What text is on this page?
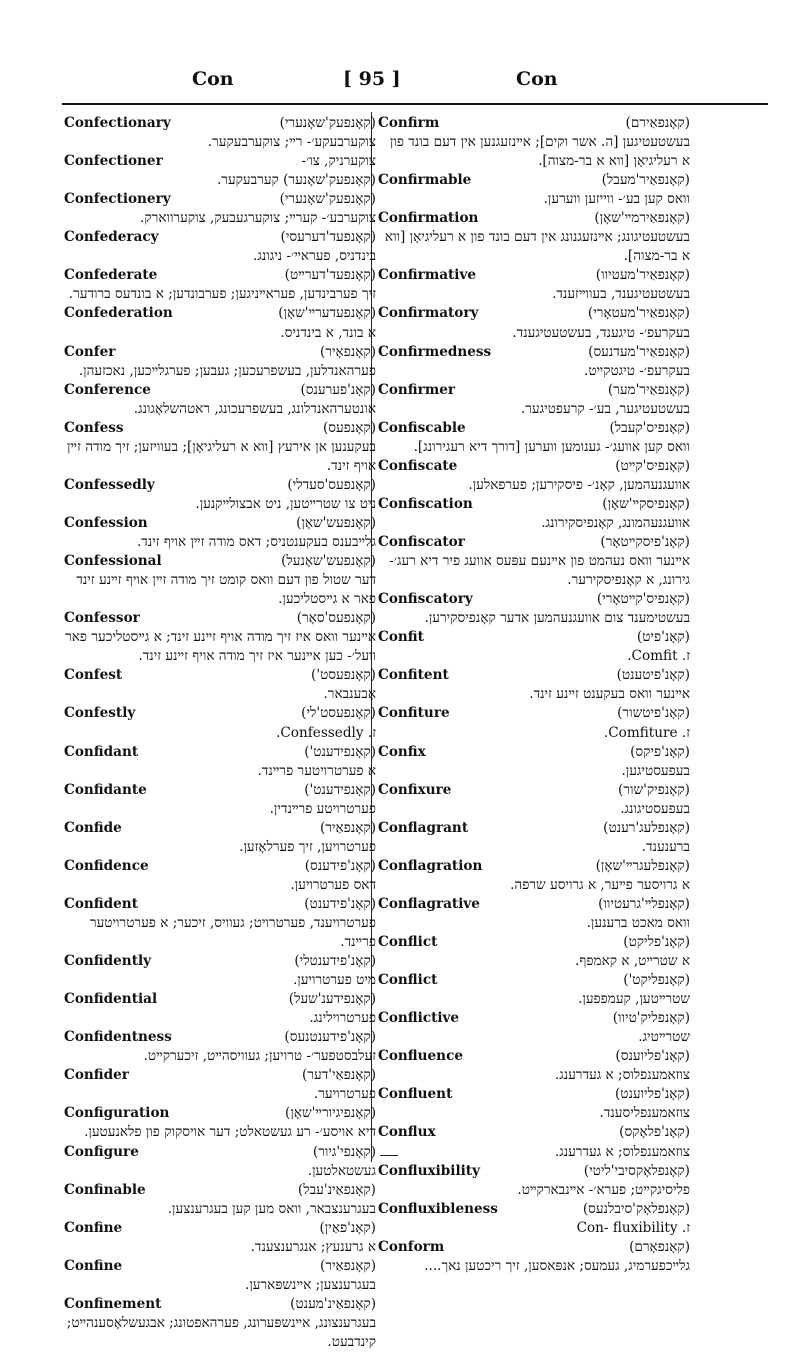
Con	[ 95 ]	Con
Confectionary	(קאָנפעק'שאָנערי)
צוקערבעקע׳- רײ; צוקערבעקער.
Confectioner	צוקערניק, צו׳-
(קאָנפעק'שאָנער) קערבעקער.
Confectionery	(קאָנפעק'שאָנערי)
צוקערבע׳- קערײ; צוקערגעבעק, צוקערווארק.
Confederacy	(קאָנפעד'דערעסי)
בינדניס, פעראײ׳- ניגונג.
Confederate	(קאָנפעד'דערײט)
זיך פערבינדען, פעראײניגען; פערבונדען; א בונדעס ברודער.
Confederation	(קאָנפעדערײ'שאָן)
א בונד, א בינדניס.
Confer	(קאָנפאָיר)
פערהאנדלען, בעשפרעכען; געבען; פערגלײכען, נאכזעהן.
Conference	(קאָנ'פערענס)
אונטערהאנדלונג, בעשפרעכונג, ראטהשלאָגונג.
Confess	(קאָנפעס)
בעקענען אן אירעץ [ווא א רעליגיאָן]; בעוויזען; זיך מודה זײן אויף זינד.
Confessedly	(קאָנפעס'סעדלי)
ניט צו שטרײטען, ניט אבצולײקנען.
Confession	(קאָנפעש'שאָן)
גלײבענס בעקענטניס; דאס מודה זײן אויף זינד.
Confessional	(קאָנפעש'שאָנעל)
דער שטול פון דעם וואס קומט זיך מודה זײן אויף זײנע זינד פאר א גײסטליכען.
Confessor	(קאָנפעס'סאָר)
אײנער וואס איז זיך מודה אויף זײנע זינד; א גײסטליכער פאר וועל׳- כען אײנער איז זיך מודה אויף זײנע זינד.
Confest	(קאָנפעסט')
אָבענבאר.
Confestly	(קאָנפעסט'לי)
ז. Confessedly.
Confidant	(קאָנפידענט')
א פערטרויטער פרײנד.
Confidante	(קאָנפידענט')
פערטרויטע פרײנדין.
Confide	(קאָנפאַיר)
פערטרויען, זיך פערלאָזען.
Confidence	(קאָנ'פידענס)
דאס פערטרויען.
Confident	(קאָנ'פידענט)
פערטרויענד, פערטרויט; געוויס, זיכער; א פערטרויטער פרײנד.
Confidently	(קאָנ'פידענטלי)
מיט פערטרויען.
Confidential	(קאָנפידענ'שעל)
פערטרוילינג.
Confidentness	(קאָנ'פידענטנעס)
זעלבסטפער׳- טרויען; געוויסהײט, זיכערקײט.
Confider	(קאָנפאַי'דער)
פערטרויער.
Configuration	(קאָנפיגיורײ'שאָן)
דיא אויסע׳- רע געשטאלט; דער אויסקוק פון פלאנעטען.
Configure	(קאָנפי'גיור)
געשטאלטען.
Confinable	(קאָנפאַינ'עבל)
בעגרענצבאר, וואס מען קען בעגרענצען.
Confine	(קאָנ'פאַין)
א גרענעץ; אנגרענצענד.
Confine	(קאָנפאַיר)
בעגרענצען; אײנשפּארען.
Confinement	(קאָנפאַינ'מענט)
בעגרענצונג, אײנשפּערונג, פערהאפטונג; אבגעשלאָסענהײט; קינדבעט.
Confirm	(קאָנפאַירם)
בעשטעטיגען [ה. אשר וקים]; אײנזעגנען אין דעם בונד פון א רעליגיאָן [ווא א בר-מצוה].
Confirmable	(קאָנפאַיר'מעבל)
וואס קען בע׳- ווייזען ווערען.
Confirmation	(קאָנפאַירמײ'שאָן)
בעשטעטיגונג; אײנזעגנונג אין דעם בונד פון א רעליגיאָן [ווא א בר-מצוה].
Confirmative	(קאָנפאַיר'מעטיוו)
בעשטעטיגענד, בעווײזענד.
Confirmatory	(קאָנפאַיר'מעטאָרי)
בעקרעפ׳- טיגענד, בעשטעטיגענד.
Confirmedness	(קאָנפאַיר'מעדנעס)
בעקרעפ׳- טיגטקײט.
Confirmer	(קאָנפאַיר'מער)
בעשטעטיגער, בע׳- קרעפטיגער.
Confiscable	(קאָנפיס'קעבל)
וואס קען אוועג׳- גענומען ווערען [דורך דיא רעגירונג].
Confiscate	(קאָנפיס'קײט)
אוועגנעהמען, קאָנ׳- פיסקירען; פערפאלען.
Confiscation	(קאָנפיסקײ'שאָן)
אוועגנעהמונג, קאָנפיסקירונג.
Confiscator	(קאָנ'פיסקײטאָר)
אײנער וואס נעהמט פון אײנעם עפּעס אוועג פיר דיא רעג׳- גירונג, א קאָנפיסקירער.
Confiscatory	(קאָנפיס'קײטאָרי)
בעשטימענד צום אוועגנעהמען אדער קאָנפיסקירען.
Confit	(קאָנ'פיט)
ז. Comfit.
Confitent	(קאָנ'פיטענט)
אײנער וואס בעקענט זײנע זינד.
Confiture	(קאָנ'פיטשור)
ז. Comfiture.
Confix	(קאָנ'פיקס)
בעפעסטיגען.
Confixure	(קאָנפיק'שור)
בעפעסטיגונג.
Conflagrant	(קאָנפלעג'רענט)
ברענענד.
Conflagration	(קאָנפלעגרײ'שאָן)
א גרויסער פײער, א גרויסע שרפה.
Conflagrative	(קאָנפלײ'גרעטיוו)
וואס מאכט ברענען.
Conflict	(קאָנ'פליקט)
א שטרײט, א קאמפף.
Conflict	(קאָנפליקט')
שטרײטען, קעמפפען.
Conflictive	(קאָנפליק'טיוו)
שטרײטיג.
Confluence	(קאָנ'פליוענס)
צוזאמענפלוס; א געדרענג.
Confluent	(קאָנ'פליוענט)
צוזאמענפליסענד.
Conflux	(קאָנ'פלאָקס)
צוזאמענפלוס; א געדרענג.
Confluxibility	(קאָנפלאָקסיבי'ליטי)
פליסיגקײט; פערא׳- אײנבארקײט.
Confluxibleness	(קאָנפלאָק'סיבלנעס)
ז. Con- fluxibility
Conform	(קאָנפאָרם)
גלײכפערמיג, געמעס; אנפּאסען, זיך ריכטען נאך....
